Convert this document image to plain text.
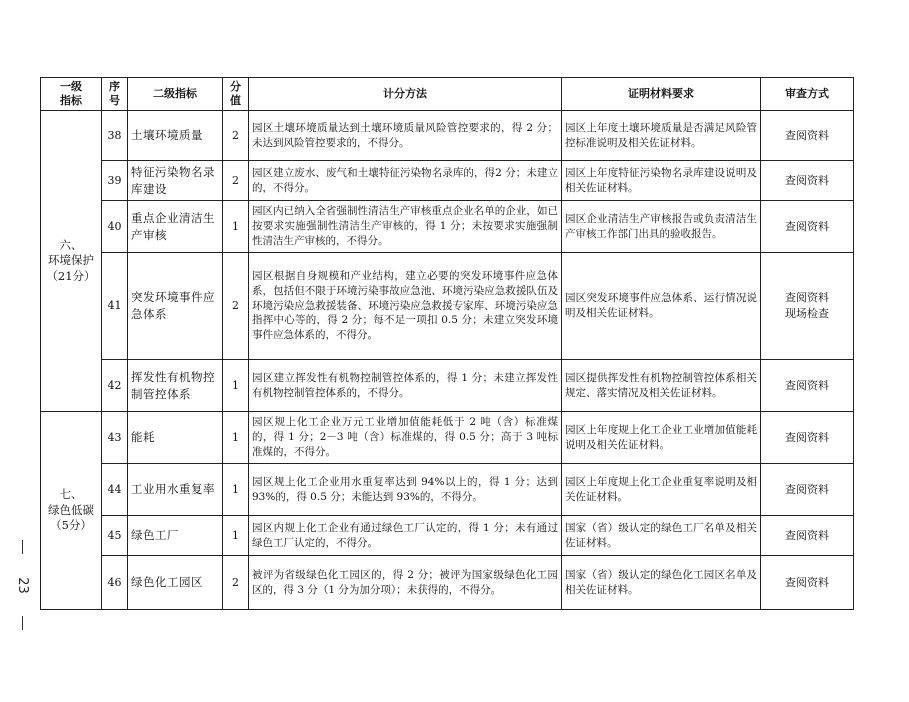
23
一级
指标	序号	二级指标	分值	计分方法	证明材料要求	审查方式
六、
环境保护
（21分）	38	土壤环境质量	2	园区土壤环境质量达到土壤环境质量风险管控要求的，得 2 分；未达到风险管控要求的，不得分。	园区上年度土壤环境质量是否满足风险管控标准说明及相关佐证材料。	查阅资料

	39	特征污染物名录库建设	2	园区建立废水、废气和土壤特征污染物名录库的，得2 分；未建立的，不得分。	园区上年度特征污染物名录库建设说明及相关佐证材料。	查阅资料

	40	重点企业清洁生产审核	1	园区内已纳入全省强制性清洁生产审核重点企业名单的企业，如已按要求实施强制性清洁生产审核的，得 1 分；未按要求实施强制性清洁生产审核的，不得分。	园区企业清洁生产审核报告或负责清洁生产审核工作部门出具的验收报告。	查阅资料

	41	突发环境事件应急体系	2	园区根据自身规模和产业结构，建立必要的突发环境事件应急体系，包括但不限于环境污染事故应急池、环境污染应急救援队伍及环境污染应急救援装备、环境污染应急救援专家库、环境污染应急指挥中心等的，得 2 分；每不足一项扣 0.5 分；未建立突发环境事件应急体系的，不得分。	园区突发环境事件应急体系、运行情况说明及相关佐证材料。	查阅资料
现场检查

	42	挥发性有机物控制管控体系	1	园区建立挥发性有机物控制管控体系的，得 1 分；未建立挥发性有机物控制管控体系的，不得分。	园区提供挥发性有机物控制管控体系相关规定、落实情况及相关佐证材料。	查阅资料

七、
绿色低碳
（5分）	43	能耗	1	园区规上化工企业万元工业增加值能耗低于 2 吨（含）标准煤的，得 1 分；2－3 吨（含）标准煤的，得 0.5 分；高于 3 吨标准煤的，不得分。	园区上年度规上化工企业工业增加值能耗说明及相关佐证材料。	查阅资料

	44	工业用水重复率	1	园区规上化工企业用水重复率达到 94%以上的，得 1 分；达到 93%的，得 0.5 分；未能达到 93%的，不得分。	园区上年度规上化工企业重复率说明及相关佐证材料。	查阅资料

	45	绿色工厂	1	园区内规上化工企业有通过绿色工厂认定的，得 1 分；未有通过绿色工厂认定的，不得分。	国家（省）级认定的绿色工厂名单及相关佐证材料。	查阅资料

	46	绿色化工园区	2	被评为省级绿色化工园区的，得 2 分；被评为国家级绿色化工园区的，得 3 分（1 分为加分项）；未获得的，不得分。	国家（省）级认定的绿色化工园区名单及相关佐证材料。	查阅资料
